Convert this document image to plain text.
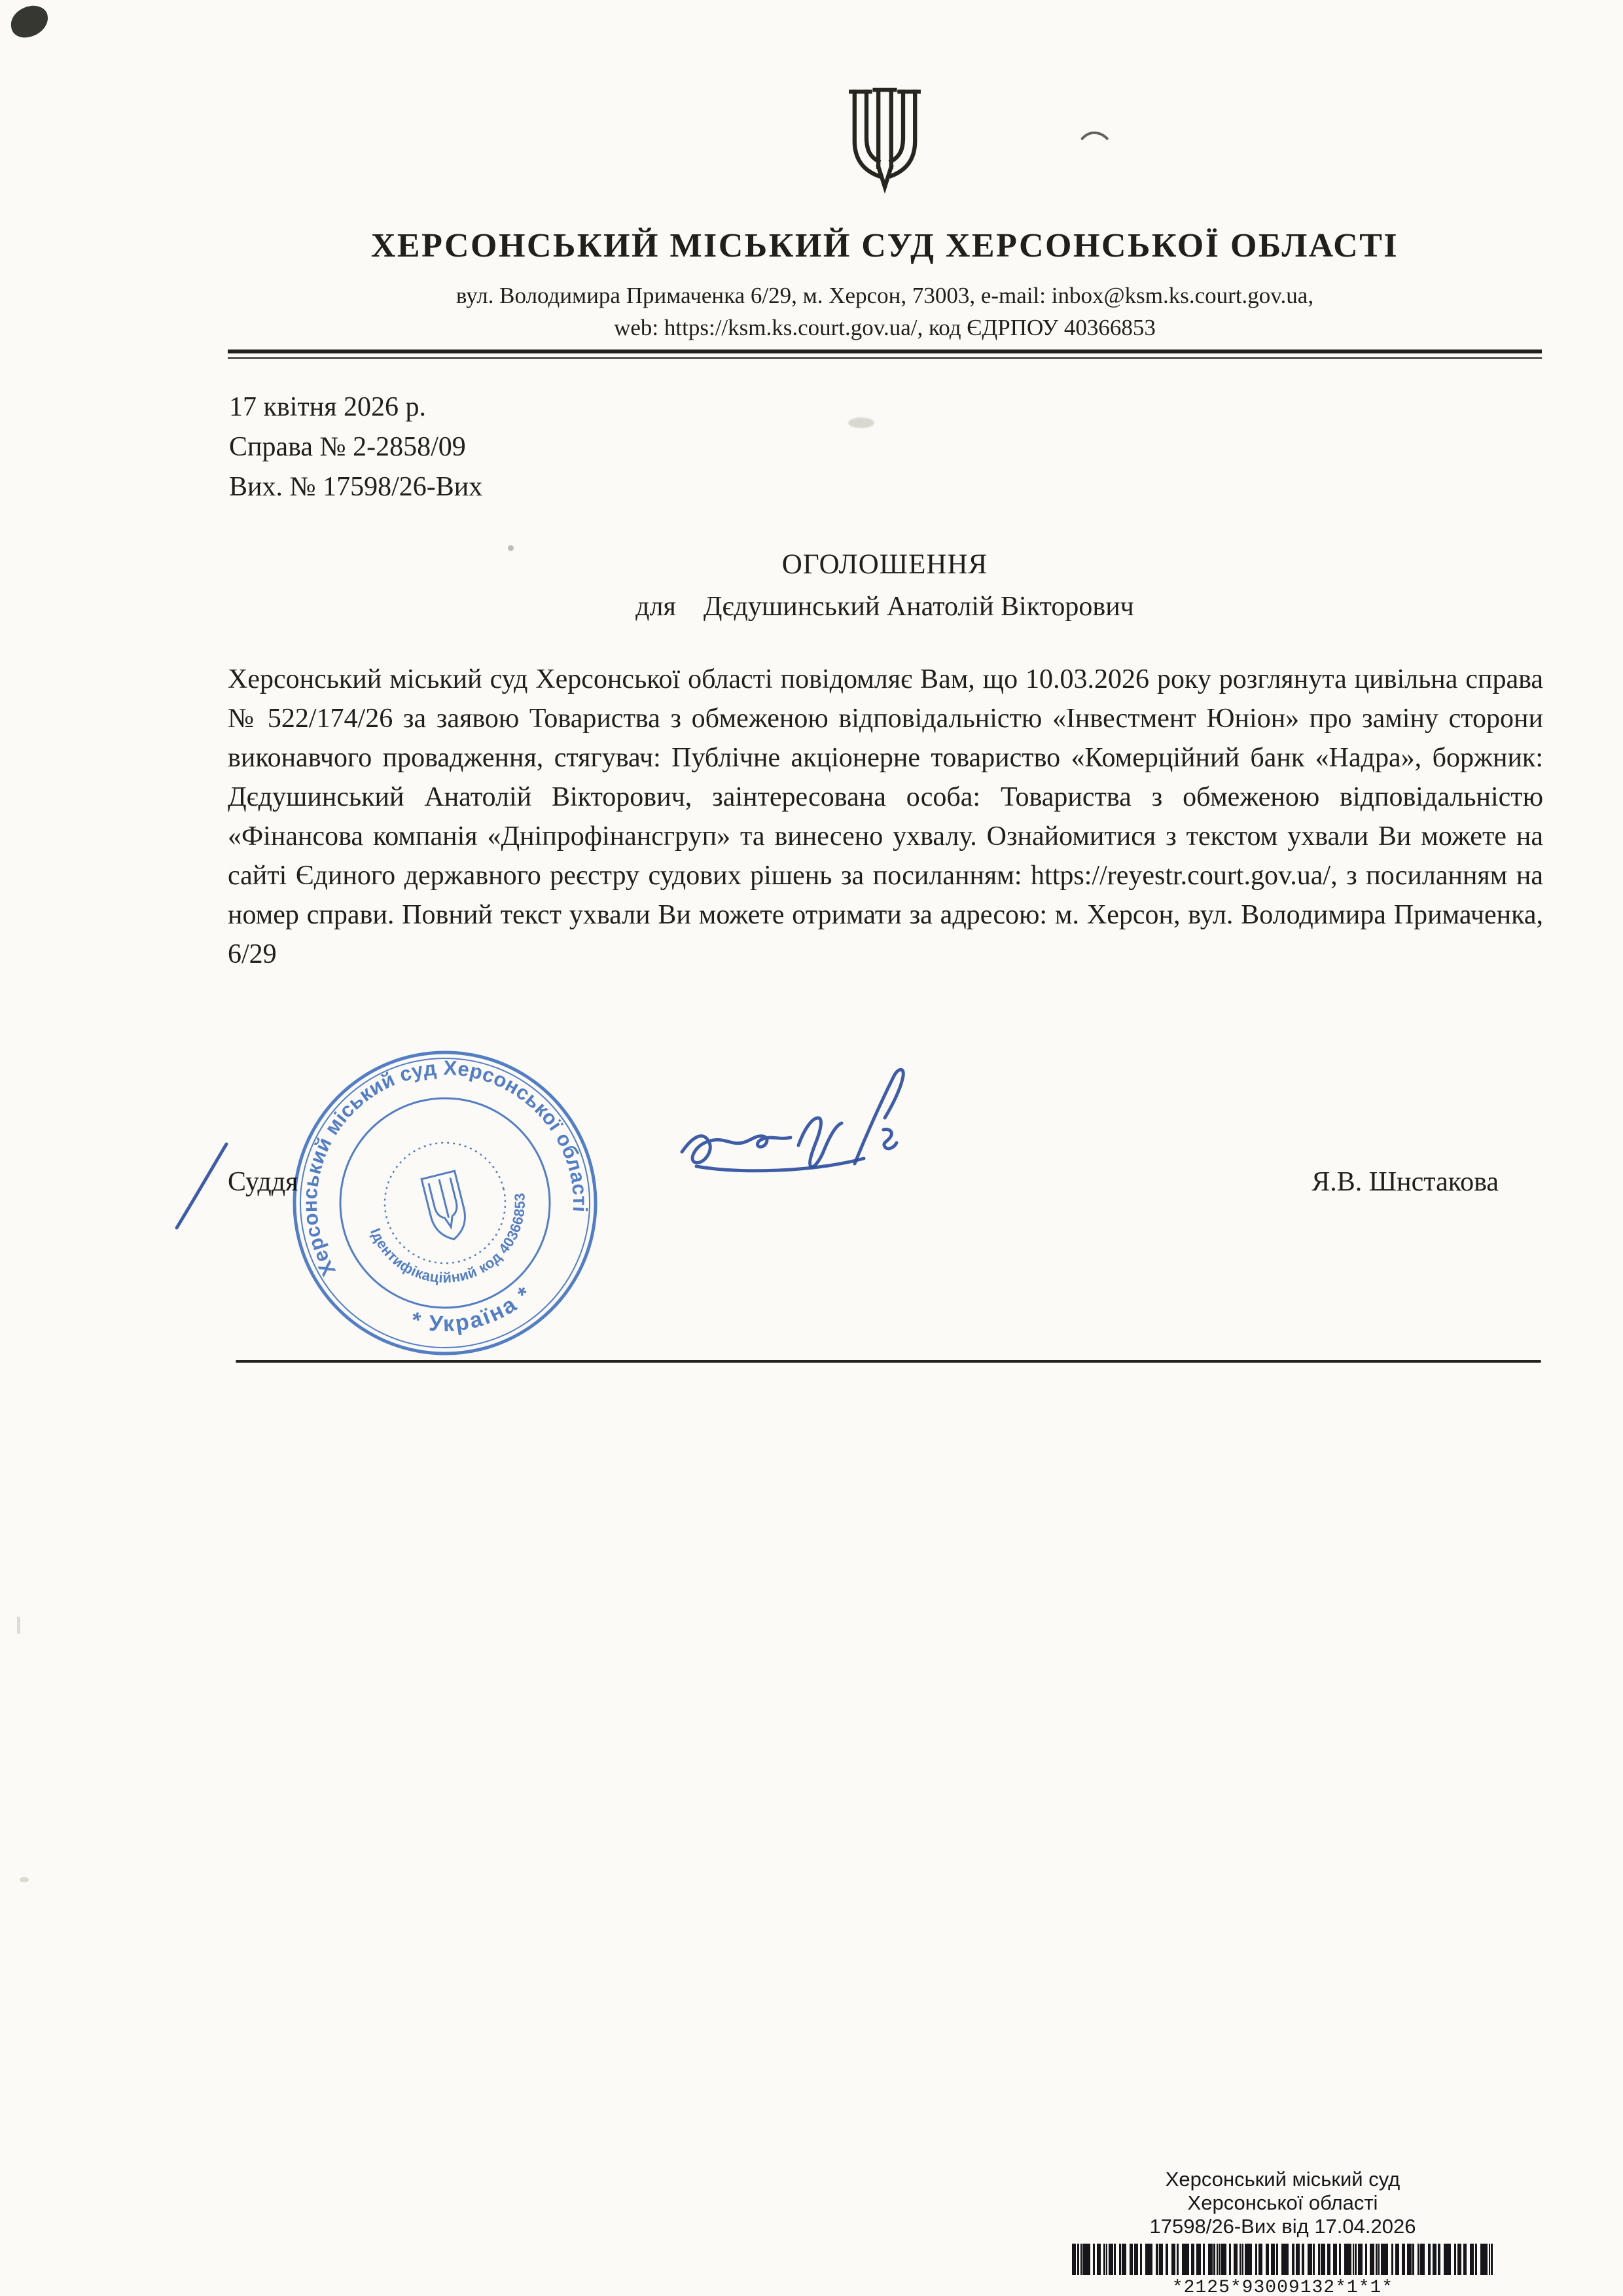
ХЕРСОНСЬКИЙ МІСЬКИЙ СУД ХЕРСОНСЬКОЇ ОБЛАСТІ
вул. Володимира Примаченка 6/29, м. Херсон, 73003, e-mail: inbox@ksm.ks.court.gov.ua,
web: https://ksm.ks.court.gov.ua/, код ЄДРПОУ 40366853
17 квітня 2026 р.
Справа № 2-2858/09
Вих. № 17598/26-Вих
ОГОЛОШЕННЯ
для Дєдушинський Анатолій Вікторович

Херсонський міський суд Херсонської області повідомляє Вам, що 10.03.2026 року розглянута цивільна справа № 522/174/26 за заявою Товариства з обмеженою відповідальністю «Інвестмент Юніон» про заміну сторони виконавчого провадження, стягувач: Публічне акціонерне товариство «Комерційний банк «Надра», боржник: Дєдушинський Анатолій Вікторович, заінтересована особа: Товариства з обмеженою відповідальністю «Фінансова компанія «Дніпрофінансгруп» та винесено ухвалу. Ознайомитися з текстом ухвали Ви можете на сайті Єдиного державного реєстру судових рішень за посиланням: https://reyestr.court.gov.ua/, з посиланням на номер справи. Повний текст ухвали Ви можете отримати за адресою: м. Херсон, вул. Володимира Примаченка, 6/29

Суддя	Я.В. Шнстакова
Херсонський міський суд Херсонської області
* Україна *
Ідентифікаційний код 40366853
Херсонський міський суд
Херсонської області
17598/26-Вих від 17.04.2026
*2125*93009132*1*1*
